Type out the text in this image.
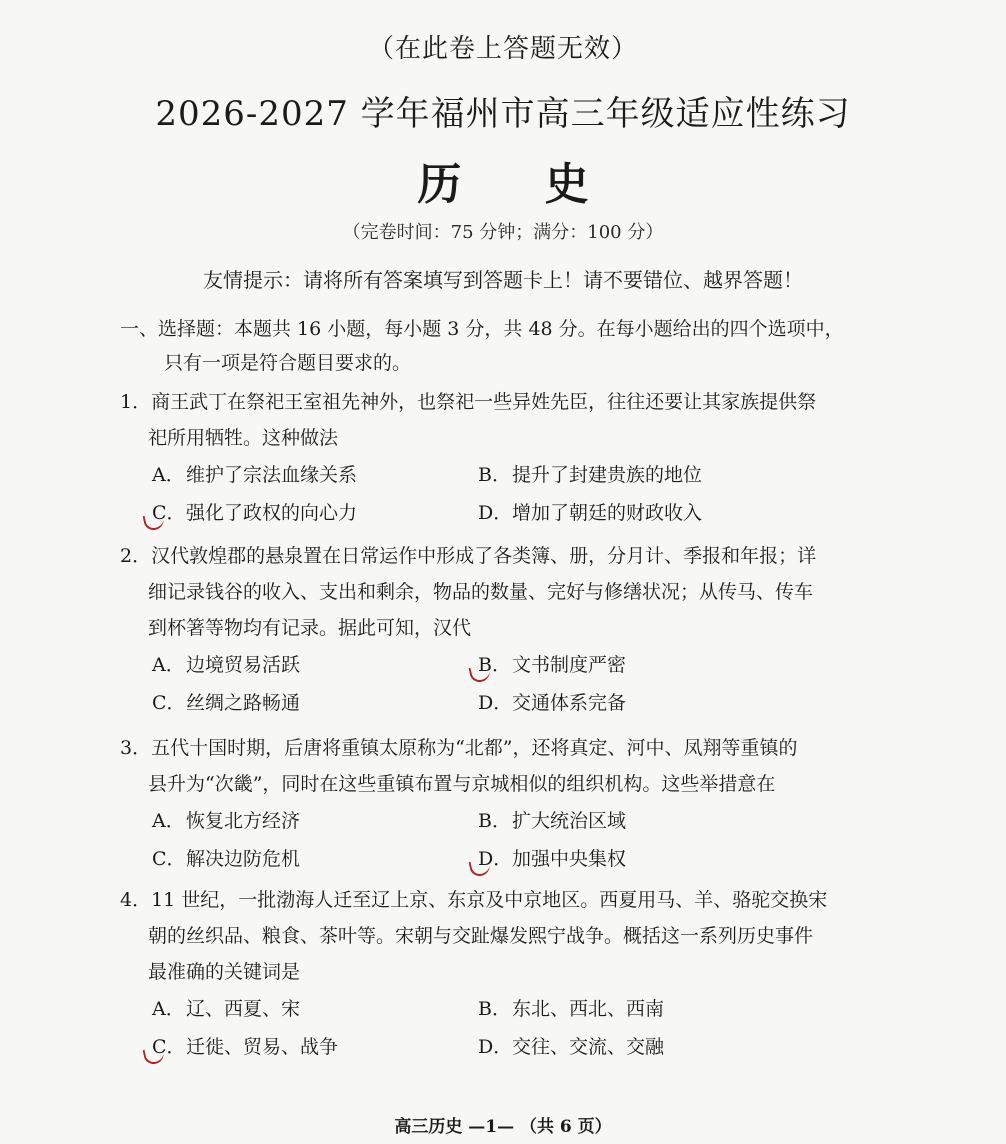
（在此卷上答题无效）
2026-2027 学年福州市高三年级适应性练习
历 史
（完卷时间：75 分钟；满分：100 分）
友情提示：请将所有答案填写到答题卡上！请不要错位、越界答题！
一、选择题：本题共 16 小题，每小题 3 分，共 48 分。在每小题给出的四个选项中，
只有一项是符合题目要求的。
1．商王武丁在祭祀王室祖先神外，也祭祀一些异姓先臣，往往还要让其家族提供祭
祀所用牺牲。这种做法
A．维护了宗法血缘关系	B．提升了封建贵族的地位
C．
强化了政权的向心力	D．增加了朝廷的财政收入
2．汉代敦煌郡的悬泉置在日常运作中形成了各类簿、册，分月计、季报和年报；详
细记录钱谷的收入、支出和剩余，物品的数量、完好与修缮状况；从传马、传车
到杯箸等物均有记录。据此可知，汉代
A．边境贸易活跃	B．
文书制度严密
C．丝绸之路畅通	D．交通体系完备
3．五代十国时期，后唐将重镇太原称为“北都”，还将真定、河中、凤翔等重镇的
县升为“次畿”，同时在这些重镇布置与京城相似的组织机构。这些举措意在
A．恢复北方经济	B．扩大统治区域
C．解决边防危机	D．
加强中央集权
4．11 世纪，一批渤海人迁至辽上京、东京及中京地区。西夏用马、羊、骆驼交换宋
朝的丝织品、粮食、茶叶等。宋朝与交趾爆发熙宁战争。概括这一系列历史事件
最准确的关键词是
A．辽、西夏、宋	B．东北、西北、西南
C．
迁徙、贸易、战争	D．交往、交流、交融
高三历史 —1— （共 6 页）
